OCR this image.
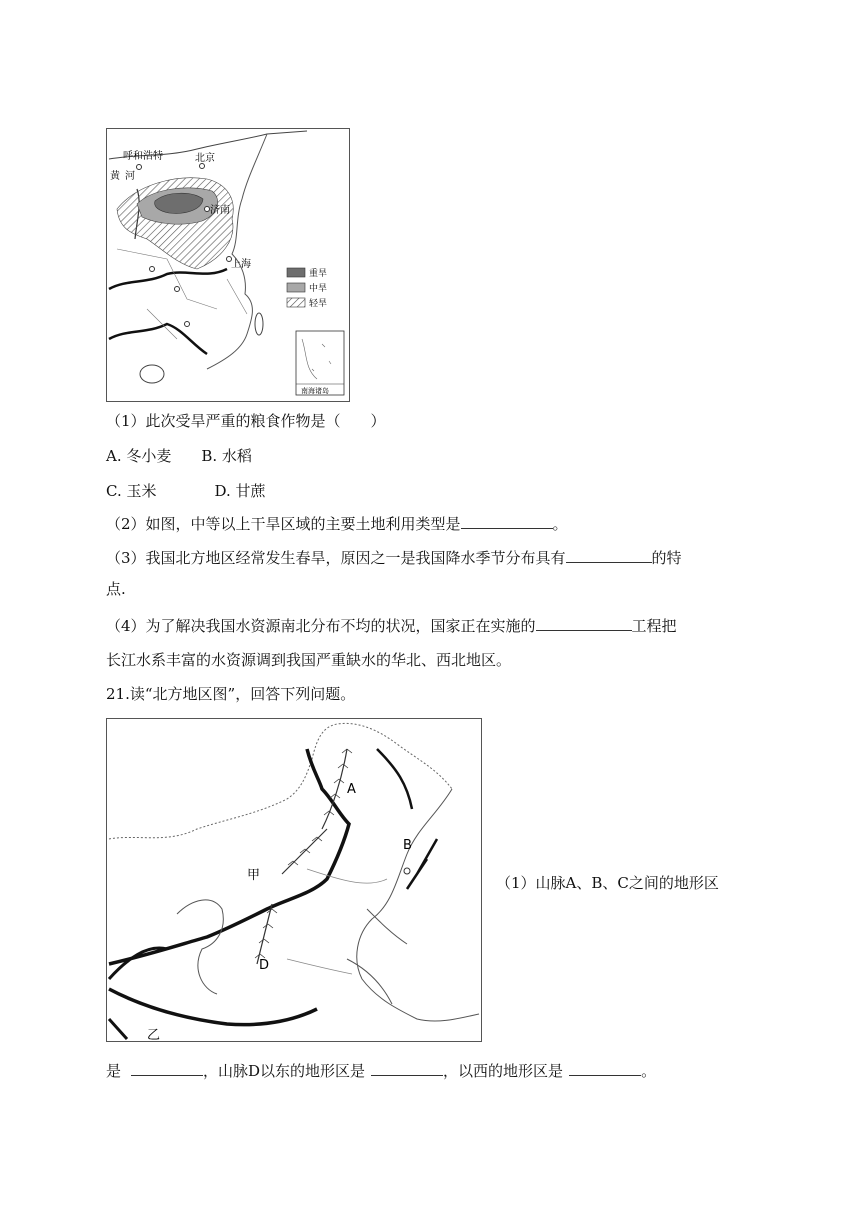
呼和浩特	北京
黄 河
济南
上海
重旱
中旱
轻旱
南海诸岛
（1）此次受旱严重的粮食作物是（　　）
A. 冬小麦 B. 水稻
C. 玉米	D. 甘蔗
（2）如图，中等以上干旱区域的主要土地利用类型是	。
（3）我国北方地区经常发生春旱，原因之一是我国降水季节分布具有	的特
点.
（4）为了解决我国水资源南北分布不均的状况，国家正在实施的	工程把
长江水系丰富的水资源调到我国严重缺水的华北、西北地区。
21.读“北方地区图”，回答下列问题。
A
B
D
甲
乙
（1）山脉A、B、C之间的地形区
是	，山脉D以东的地形区是	，以西的地形区是	。
